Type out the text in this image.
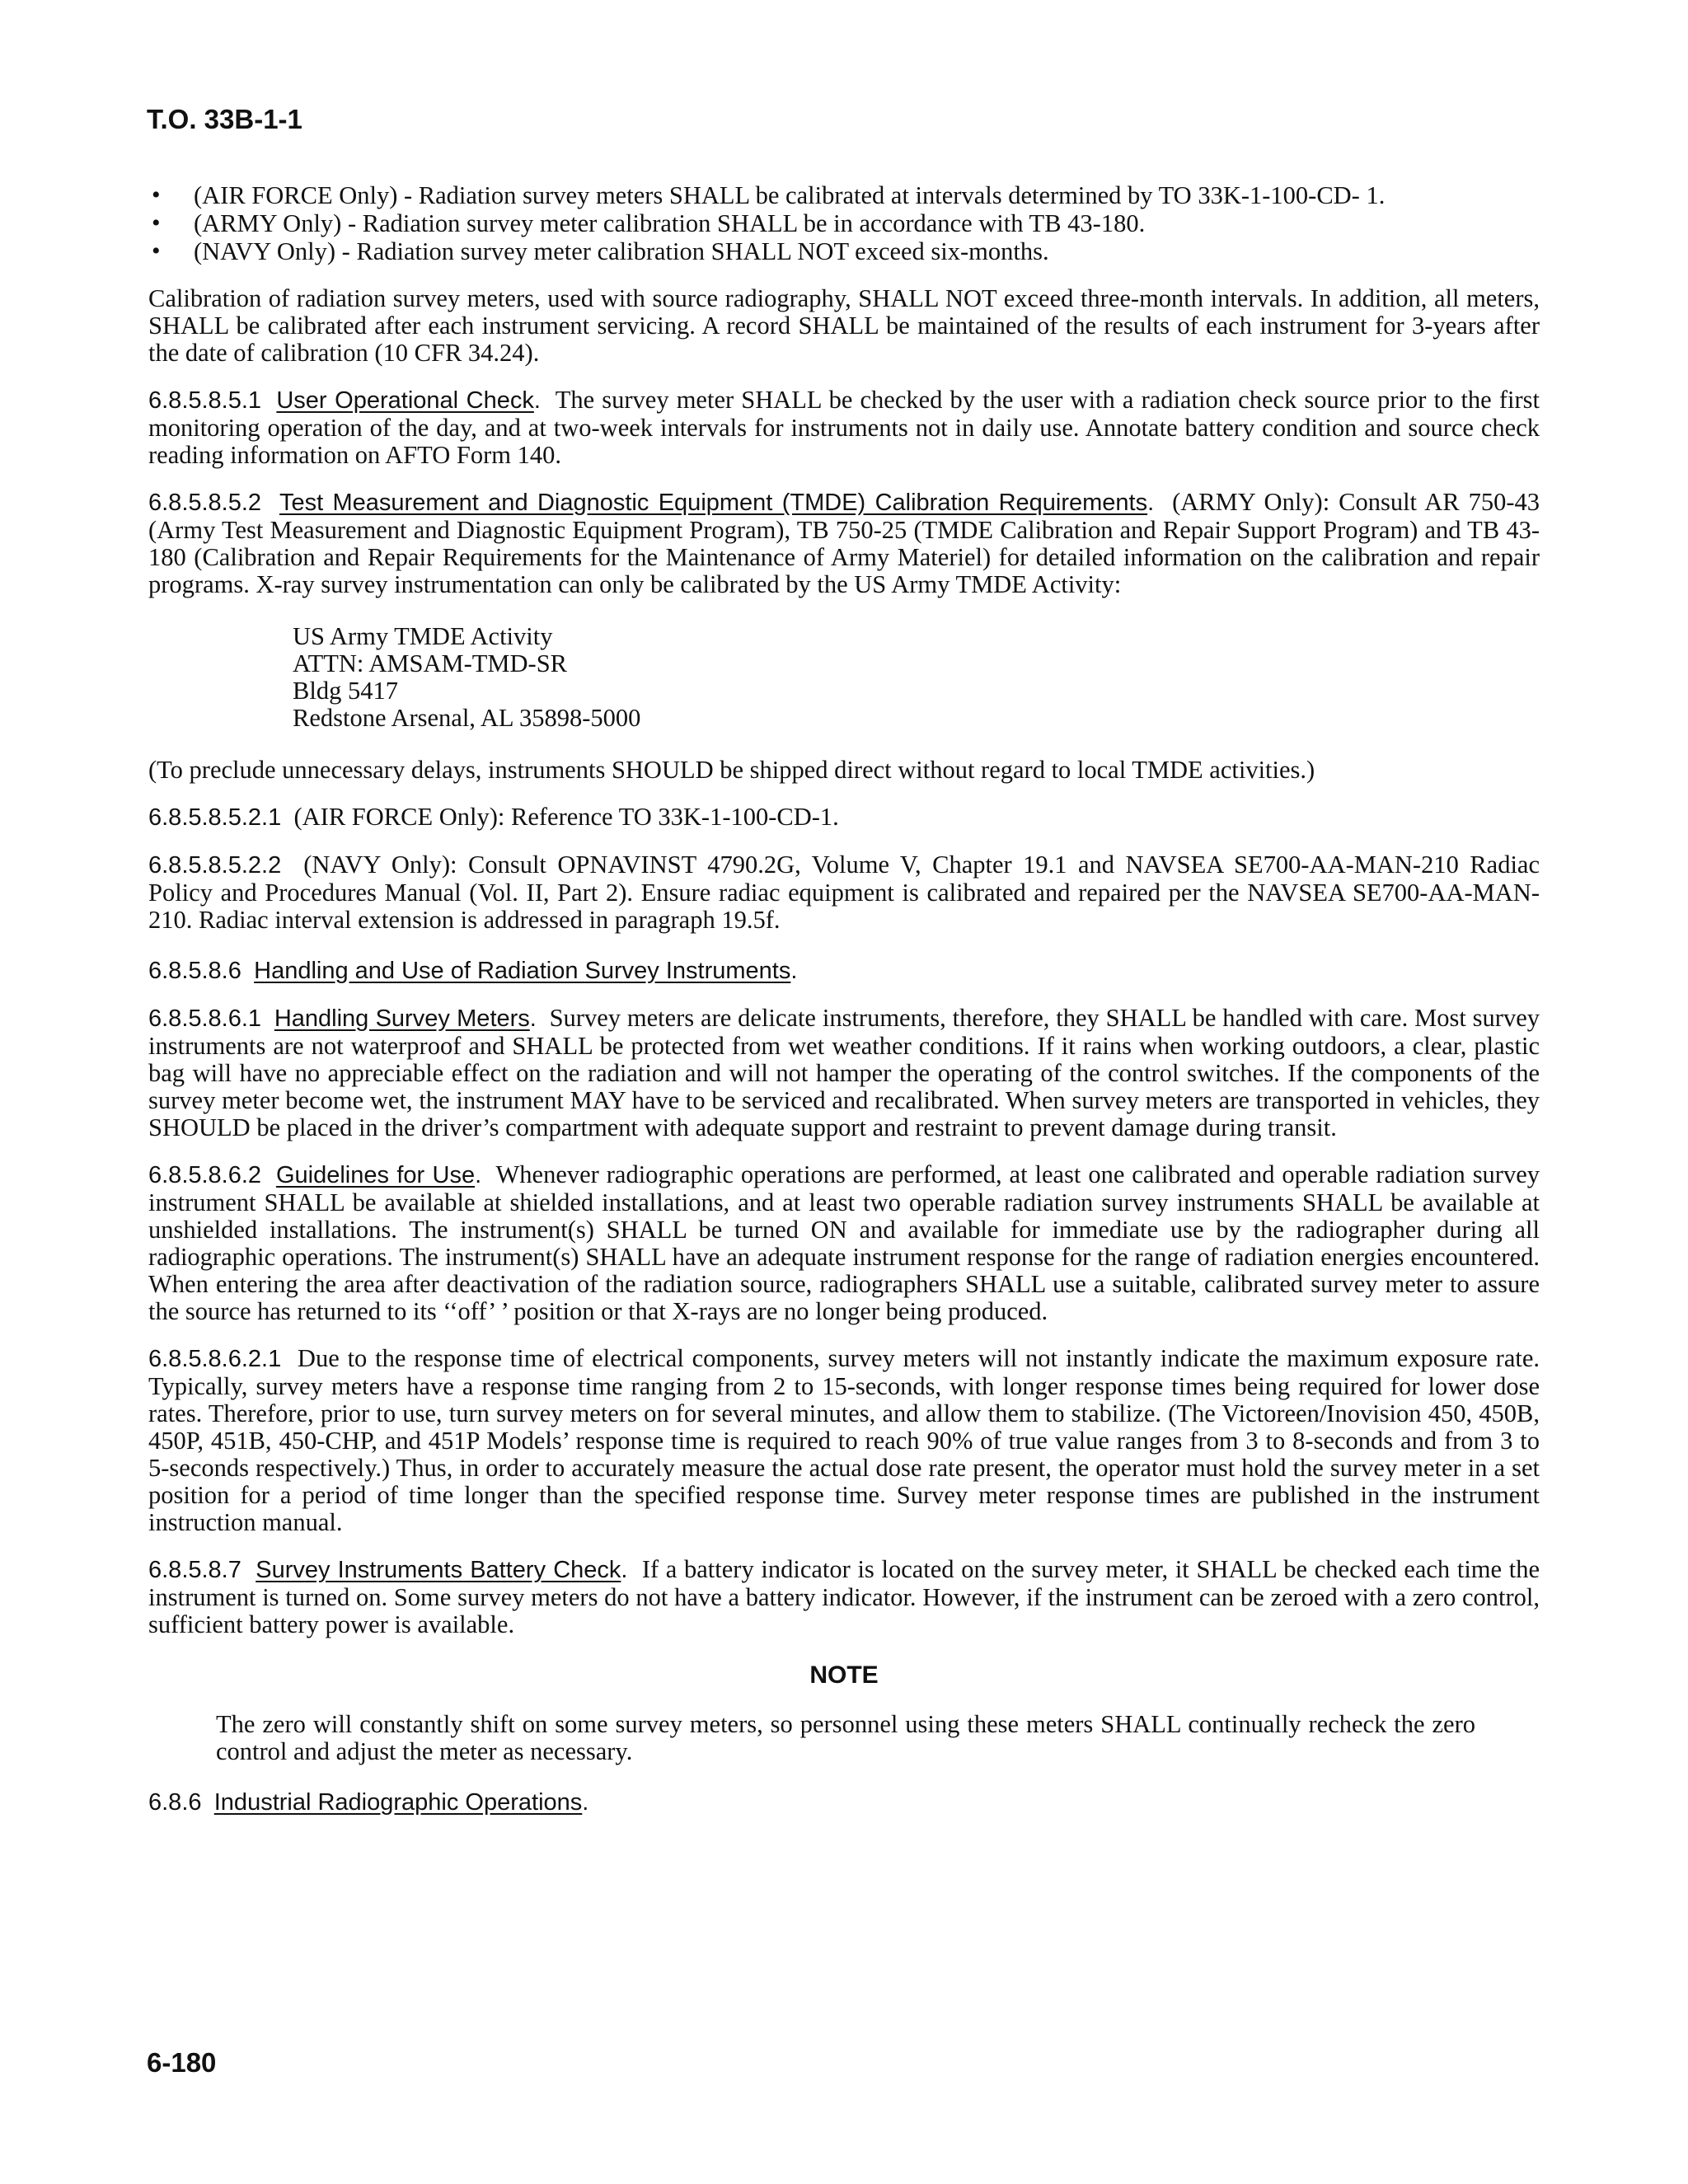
T.O. 33B-1-1
• (AIR FORCE Only) - Radiation survey meters SHALL be calibrated at intervals determined by TO 33K-1-100-CD- 1.
• (ARMY Only) - Radiation survey meter calibration SHALL be in accordance with TB 43-180.
• (NAVY Only) - Radiation survey meter calibration SHALL NOT exceed six-months.

Calibration of radiation survey meters, used with source radiography, SHALL NOT exceed three-month intervals. In addition, all meters, SHALL be calibrated after each instrument servicing. A record SHALL be maintained of the results of each instrument for 3-years after the date of calibration (10 CFR 34.24).

6.8.5.8.5.1 User Operational Check. The survey meter SHALL be checked by the user with a radiation check source prior to the first monitoring operation of the day, and at two-week intervals for instruments not in daily use. Annotate battery condition and source check reading information on AFTO Form 140.

6.8.5.8.5.2 Test Measurement and Diagnostic Equipment (TMDE) Calibration Requirements. (ARMY Only): Consult AR 750-43 (Army Test Measurement and Diagnostic Equipment Program), TB 750-25 (TMDE Calibration and Repair Support Program) and TB 43-180 (Calibration and Repair Requirements for the Maintenance of Army Materiel) for detailed information on the calibration and repair programs. X-ray survey instrumentation can only be calibrated by the US Army TMDE Activity:

US Army TMDE Activity
ATTN: AMSAM-TMD-SR
Bldg 5417
Redstone Arsenal, AL 35898-5000

(To preclude unnecessary delays, instruments SHOULD be shipped direct without regard to local TMDE activities.)

6.8.5.8.5.2.1 (AIR FORCE Only): Reference TO 33K-1-100-CD-1.

6.8.5.8.5.2.2 (NAVY Only): Consult OPNAVINST 4790.2G, Volume V, Chapter 19.1 and NAVSEA SE700-AA-MAN-210 Radiac Policy and Procedures Manual (Vol. II, Part 2). Ensure radiac equipment is calibrated and repaired per the NAVSEA SE700-AA-MAN-210. Radiac interval extension is addressed in paragraph 19.5f.

6.8.5.8.6 Handling and Use of Radiation Survey Instruments.

6.8.5.8.6.1 Handling Survey Meters. Survey meters are delicate instruments, therefore, they SHALL be handled with care. Most survey instruments are not waterproof and SHALL be protected from wet weather conditions. If it rains when working outdoors, a clear, plastic bag will have no appreciable effect on the radiation and will not hamper the operating of the control switches. If the components of the survey meter become wet, the instrument MAY have to be serviced and recalibrated. When survey meters are transported in vehicles, they SHOULD be placed in the driver’s compartment with adequate support and restraint to prevent damage during transit.

6.8.5.8.6.2 Guidelines for Use. Whenever radiographic operations are performed, at least one calibrated and operable radiation survey instrument SHALL be available at shielded installations, and at least two operable radiation survey instruments SHALL be available at unshielded installations. The instrument(s) SHALL be turned ON and available for immediate use by the radiographer during all radiographic operations. The instrument(s) SHALL have an adequate instrument response for the range of radiation energies encountered. When entering the area after deactivation of the radiation source, radiographers SHALL use a suitable, calibrated survey meter to assure the source has returned to its ‘‘off’ ’ position or that X-rays are no longer being produced.

6.8.5.8.6.2.1 Due to the response time of electrical components, survey meters will not instantly indicate the maximum exposure rate. Typically, survey meters have a response time ranging from 2 to 15-seconds, with longer response times being required for lower dose rates. Therefore, prior to use, turn survey meters on for several minutes, and allow them to stabilize. (The Victoreen/Inovision 450, 450B, 450P, 451B, 450-CHP, and 451P Models’ response time is required to reach 90% of true value ranges from 3 to 8-seconds and from 3 to 5-seconds respectively.) Thus, in order to accurately measure the actual dose rate present, the operator must hold the survey meter in a set position for a period of time longer than the specified response time. Survey meter response times are published in the instrument instruction manual.

6.8.5.8.7 Survey Instruments Battery Check. If a battery indicator is located on the survey meter, it SHALL be checked each time the instrument is turned on. Some survey meters do not have a battery indicator. However, if the instrument can be zeroed with a zero control, sufficient battery power is available.

NOTE

The zero will constantly shift on some survey meters, so personnel using these meters SHALL continually recheck the zero control and adjust the meter as necessary.

6.8.6 Industrial Radiographic Operations.

6-180
